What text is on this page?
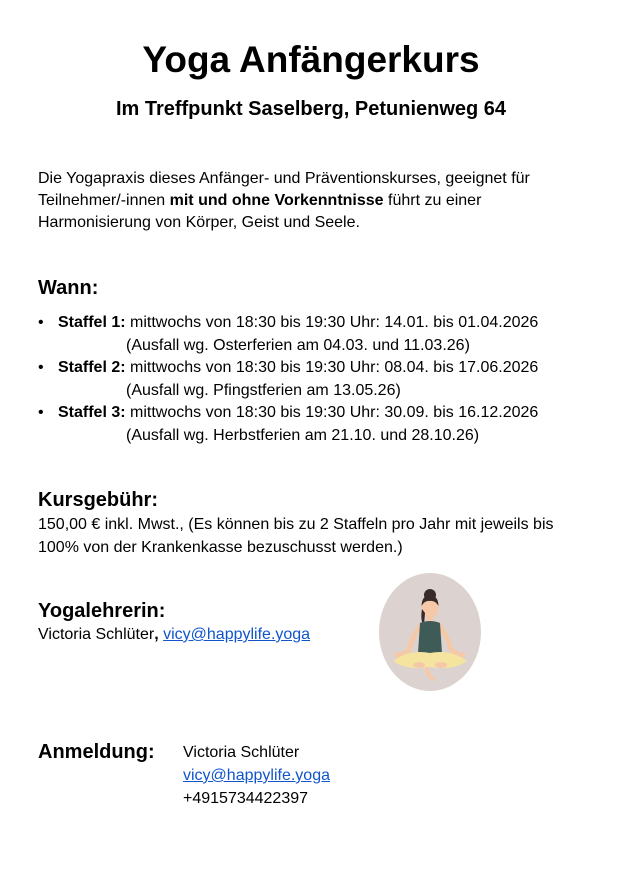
Yoga Anfängerkurs
Im Treffpunkt Saselberg, Petunienweg 64

Die Yogapraxis dieses Anfänger- und Präventionskurses, geeignet für Teilnehmer/-innen mit und ohne Vorkenntnisse führt zu einer Harmonisierung von Körper, Geist und Seele.

Wann:
• Staffel 1: mittwochs von 18:30 bis 19:30 Uhr: 14.01. bis 01.04.2026
(Ausfall wg. Osterferien am 04.03. und 11.03.26)
• Staffel 2: mittwochs von 18:30 bis 19:30 Uhr: 08.04. bis 17.06.2026
(Ausfall wg. Pfingstferien am 13.05.26)
• Staffel 3: mittwochs von 18:30 bis 19:30 Uhr: 30.09. bis 16.12.2026
(Ausfall wg. Herbstferien am 21.10. und 28.10.26)
Kursgebühr:

150,00 € inkl. Mwst., (Es können bis zu 2 Staffeln pro Jahr mit jeweils bis 100% von der Krankenkasse bezuschusst werden.)

Yogalehrerin:

Victoria Schlüter, vicy@happylife.yoga

Anmeldung: Victoria Schlüter
vicy@happylife.yoga
+4915734422397
